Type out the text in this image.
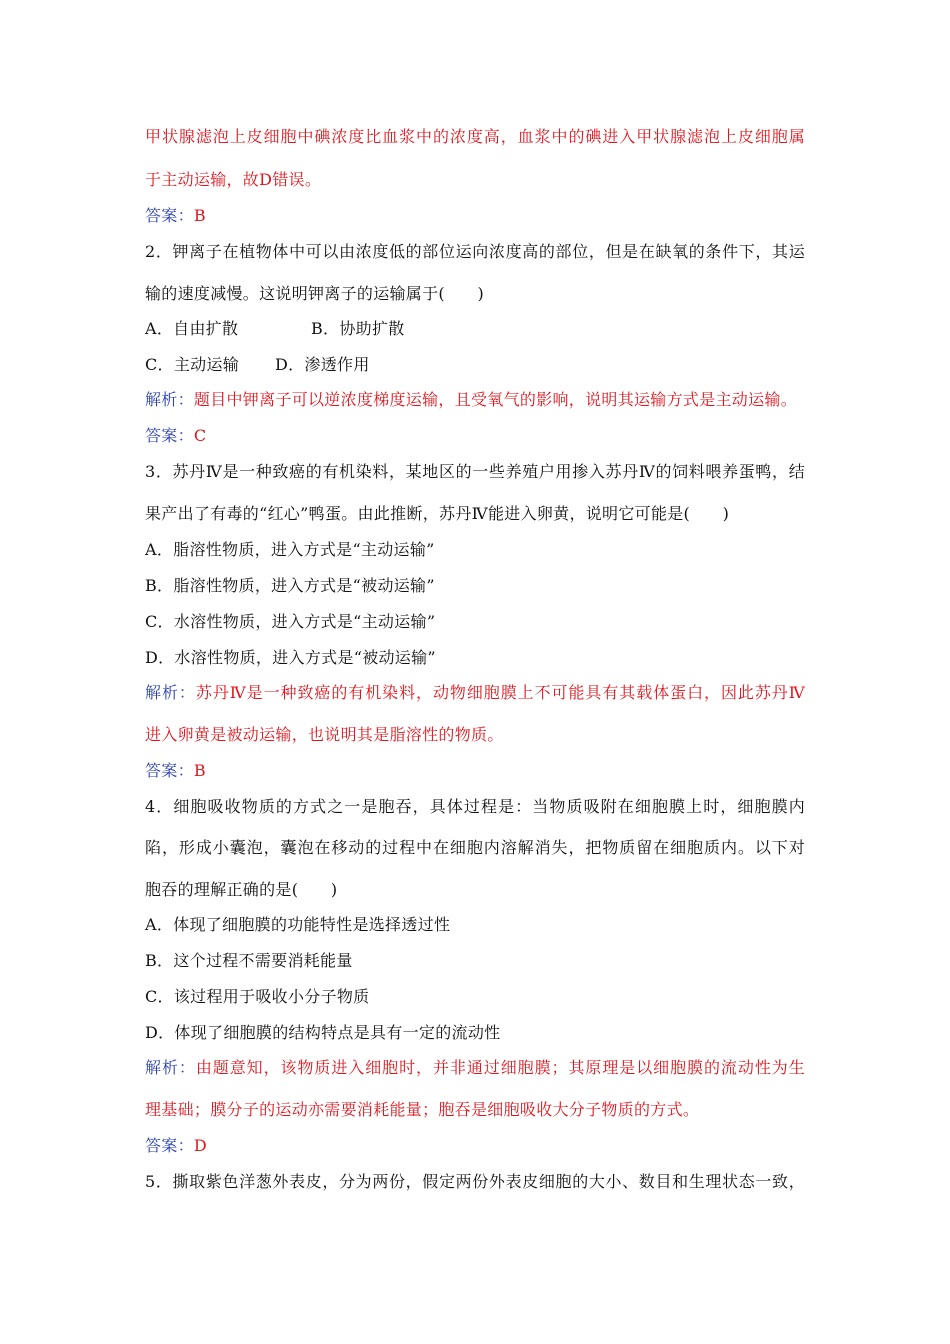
甲状腺滤泡上皮细胞中碘浓度比血浆中的浓度高，血浆中的碘进入甲状腺滤泡上皮细胞属
于主动运输，故D错误。
答案：B
2．钾离子在植物体中可以由浓度低的部位运向浓度高的部位，但是在缺氧的条件下，其运
输的速度减慢。这说明钾离子的运输属于(　　)
A．自由扩散	B．协助扩散
C．主动运输 D．渗透作用
解析：题目中钾离子可以逆浓度梯度运输，且受氧气的影响，说明其运输方式是主动运输。
答案：C
3．苏丹Ⅳ是一种致癌的有机染料，某地区的一些养殖户用掺入苏丹Ⅳ的饲料喂养蛋鸭，结
果产出了有毒的“红心”鸭蛋。由此推断，苏丹Ⅳ能进入卵黄，说明它可能是(　　)
A．脂溶性物质，进入方式是“主动运输”
B．脂溶性物质，进入方式是“被动运输”
C．水溶性物质，进入方式是“主动运输”
D．水溶性物质，进入方式是“被动运输”
解析：苏丹Ⅳ是一种致癌的有机染料，动物细胞膜上不可能具有其载体蛋白，因此苏丹Ⅳ
进入卵黄是被动运输，也说明其是脂溶性的物质。
答案：B
4．细胞吸收物质的方式之一是胞吞，具体过程是：当物质吸附在细胞膜上时，细胞膜内
陷，形成小囊泡，囊泡在移动的过程中在细胞内溶解消失，把物质留在细胞质内。以下对
胞吞的理解正确的是(　　)
A．体现了细胞膜的功能特性是选择透过性
B．这个过程不需要消耗能量
C．该过程用于吸收小分子物质
D．体现了细胞膜的结构特点是具有一定的流动性
解析：由题意知，该物质进入细胞时，并非通过细胞膜；其原理是以细胞膜的流动性为生
理基础；膜分子的运动亦需要消耗能量；胞吞是细胞吸收大分子物质的方式。
答案：D
5．撕取紫色洋葱外表皮，分为两份，假定两份外表皮细胞的大小、数目和生理状态一致，
